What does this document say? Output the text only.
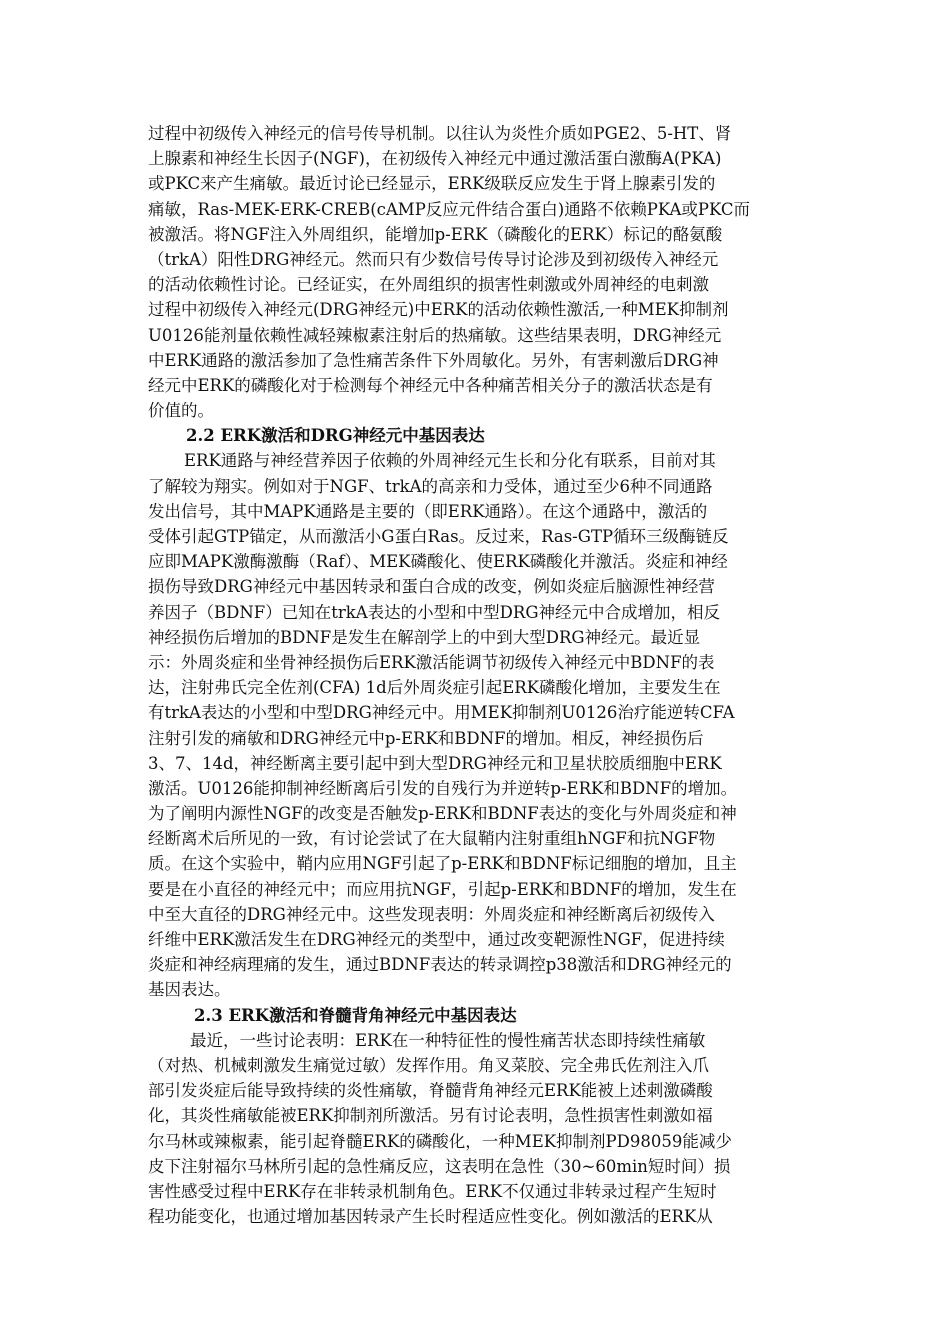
过程中初级传入神经元的信号传导机制。以往认为炎性介质如PGE2、5-HT、肾
上腺素和神经生长因子(NGF)，在初级传入神经元中通过激活蛋白激酶A(PKA)
或PKC来产生痛敏。最近讨论已经显示，ERK级联反应发生于肾上腺素引发的
痛敏，Ras-MEK-ERK-CREB(cAMP反应元件结合蛋白)通路不依赖PKA或PKC而
被激活。将NGF注入外周组织，能增加p-ERK（磷酸化的ERK）标记的酪氨酸
（trkA）阳性DRG神经元。然而只有少数信号传导讨论涉及到初级传入神经元
的活动依赖性讨论。已经证实，在外周组织的损害性刺激或外周神经的电刺激
过程中初级传入神经元(DRG神经元)中ERK的活动依赖性激活,一种MEK抑制剂
U0126能剂量依赖性减轻辣椒素注射后的热痛敏。这些结果表明，DRG神经元
中ERK通路的激活参加了急性痛苦条件下外周敏化。另外，有害刺激后DRG神
经元中ERK的磷酸化对于检测每个神经元中各种痛苦相关分子的激活状态是有
价值的。
2.2 ERK激活和DRG神经元中基因表达
ERK通路与神经营养因子依赖的外周神经元生长和分化有联系，目前对其
了解较为翔实。例如对于NGF、trkA的高亲和力受体，通过至少6种不同通路
发出信号，其中MAPK通路是主要的（即ERK通路）。在这个通路中，激活的
受体引起GTP锚定，从而激活小G蛋白Ras。反过来，Ras-GTP循环三级酶链反
应即MAPK激酶激酶（Raf）、MEK磷酸化、使ERK磷酸化并激活。炎症和神经
损伤导致DRG神经元中基因转录和蛋白合成的改变，例如炎症后脑源性神经营
养因子（BDNF）已知在trkA表达的小型和中型DRG神经元中合成增加，相反
神经损伤后增加的BDNF是发生在解剖学上的中到大型DRG神经元。最近显
示：外周炎症和坐骨神经损伤后ERK激活能调节初级传入神经元中BDNF的表
达，注射弗氏完全佐剂(CFA) 1d后外周炎症引起ERK磷酸化增加，主要发生在
有trkA表达的小型和中型DRG神经元中。用MEK抑制剂U0126治疗能逆转CFA
注射引发的痛敏和DRG神经元中p-ERK和BDNF的增加。相反，神经损伤后
3、7、14d，神经断离主要引起中到大型DRG神经元和卫星状胶质细胞中ERK
激活。U0126能抑制神经断离后引发的自残行为并逆转p-ERK和BDNF的增加。
为了阐明内源性NGF的改变是否触发p-ERK和BDNF表达的变化与外周炎症和神
经断离术后所见的一致，有讨论尝试了在大鼠鞘内注射重组hNGF和抗NGF物
质。在这个实验中，鞘内应用NGF引起了p-ERK和BDNF标记细胞的增加，且主
要是在小直径的神经元中；而应用抗NGF，引起p-ERK和BDNF的增加，发生在
中至大直径的DRG神经元中。这些发现表明：外周炎症和神经断离后初级传入
纤维中ERK激活发生在DRG神经元的类型中，通过改变靶源性NGF，促进持续
炎症和神经病理痛的发生，通过BDNF表达的转录调控p38激活和DRG神经元的
基因表达。
2.3 ERK激活和脊髓背角神经元中基因表达
最近，一些讨论表明：ERK在一种特征性的慢性痛苦状态即持续性痛敏
（对热、机械刺激发生痛觉过敏）发挥作用。角叉菜胶、完全弗氏佐剂注入爪
部引发炎症后能导致持续的炎性痛敏，脊髓背角神经元ERK能被上述刺激磷酸
化，其炎性痛敏能被ERK抑制剂所激活。另有讨论表明，急性损害性刺激如福
尔马林或辣椒素，能引起脊髓ERK的磷酸化，一种MEK抑制剂PD98059能减少
皮下注射福尔马林所引起的急性痛反应，这表明在急性（30~60min短时间）损
害性感受过程中ERK存在非转录机制角色。ERK不仅通过非转录过程产生短时
程功能变化，也通过增加基因转录产生长时程适应性变化。例如激活的ERK从
